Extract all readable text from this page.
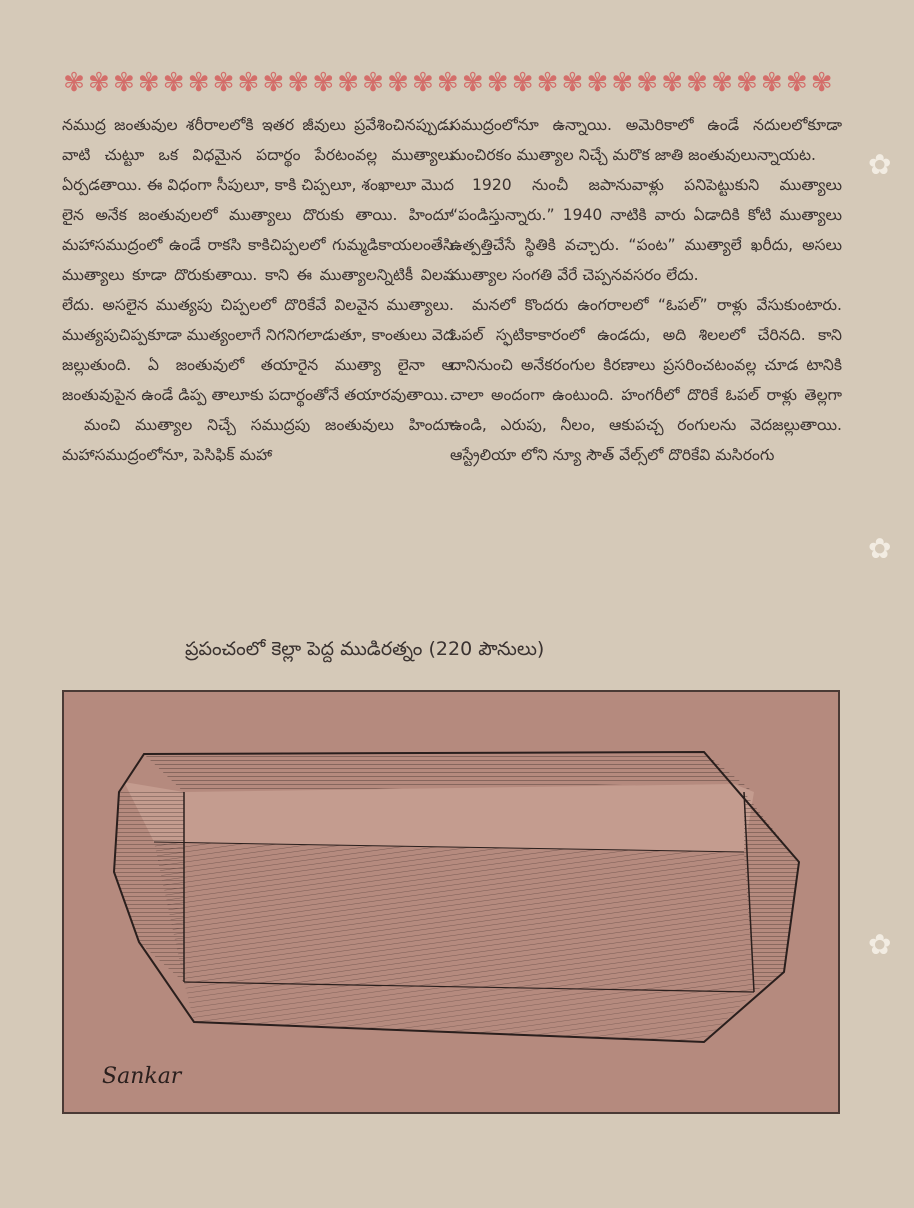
✾ ✾ ✾ ✾ ✾ ✾ ✾ ✾ ✾ ✾ ✾ ✾ ✾ ✾ ✾ ✾ ✾ ✾ ✾ ✾ ✾ ✾ ✾ ✾ ✾ ✾ ✾ ✾ ✾ ✾ ✾

నముద్ర జంతువుల శరీరాలలోకి ఇతర జీవులు ప్రవేశించినప్పుడు వాటి చుట్టూ ఒక విధమైన పదార్థం పేరటంవల్ల ముత్యాలు ఏర్పడతాయి. ఈ విధంగా సీపులూ, కాకి చిప్పలూ, శంఖాలూ మొద లైన అనేక జంతువులలో ముత్యాలు దొరుకు తాయి. హిందూ మహాసముద్రంలో ఉండే రాకసి కాకిచిప్పలలో గుమ్మడికాయలంతేసి ముత్యాలు కూడా దొరుకుతాయి. కాని ఈ ముత్యాలన్నిటికీ విలవ లేదు. అసలైన ముత్యపు చిప్పలలో దొరికేవే విలవైన ముత్యాలు. ముత్యపుచిప్పకూడా ముత్యంలాగే నిగనిగలాడుతూ, కాంతులు వెద జల్లుతుంది. ఏ జంతువులో తయారైన ముత్యా లైనా ఆ జంతువుపైన ఉండే డిప్ప తాలూకు పదార్థంతోనే తయారవుతాయి.

మంచి ముత్యాల నిచ్చే సముద్రపు జంతువులు హిందూ మహాసముద్రంలోనూ, పెసిఫిక్ మహా

సముద్రంలోనూ ఉన్నాయి. అమెరికాలో ఉండే నదులలోకూడా మంచిరకం ముత్యాల నిచ్చే మరొక జాతి జంతువులున్నాయట.

1920 నుంచీ జపానువాళ్లు పనిపెట్టుకుని ముత్యాలు “పండిస్తున్నారు.” 1940 నాటికి వారు ఏడాదికి కోటి ముత్యాలు ఉత్పత్తిచేసే స్థితికి వచ్చారు. “పంట” ముత్యాలే ఖరీదు, అసలు ముత్యాల సంగతి వేరే చెప్పనవసరం లేదు.

మనలో కొందరు ఉంగరాలలో “ఓపల్” రాళ్లు వేసుకుంటారు. ఓపల్ స్ఫటికాకారంలో ఉండదు, అది శిలలలో చేరినది. కాని దానినుంచి అనేకరంగుల కిరణాలు ప్రసరించటంవల్ల చూడ టానికి చాలా అందంగా ఉంటుంది. హంగరీలో దొరికే ఓపల్ రాళ్లు తెల్లగా ఉండి, ఎరుపు, నీలం, ఆకుపచ్చ రంగులను వెదజల్లుతాయి. ఆస్ట్రేలియా లోని న్యూ సౌత్ వేల్స్‌లో దొరికేవి మసిరంగు

ప్రపంచంలో కెల్లా పెద్ద ముడిరత్నం (220 పౌనులు)
Sankar
✿
✿
✿
